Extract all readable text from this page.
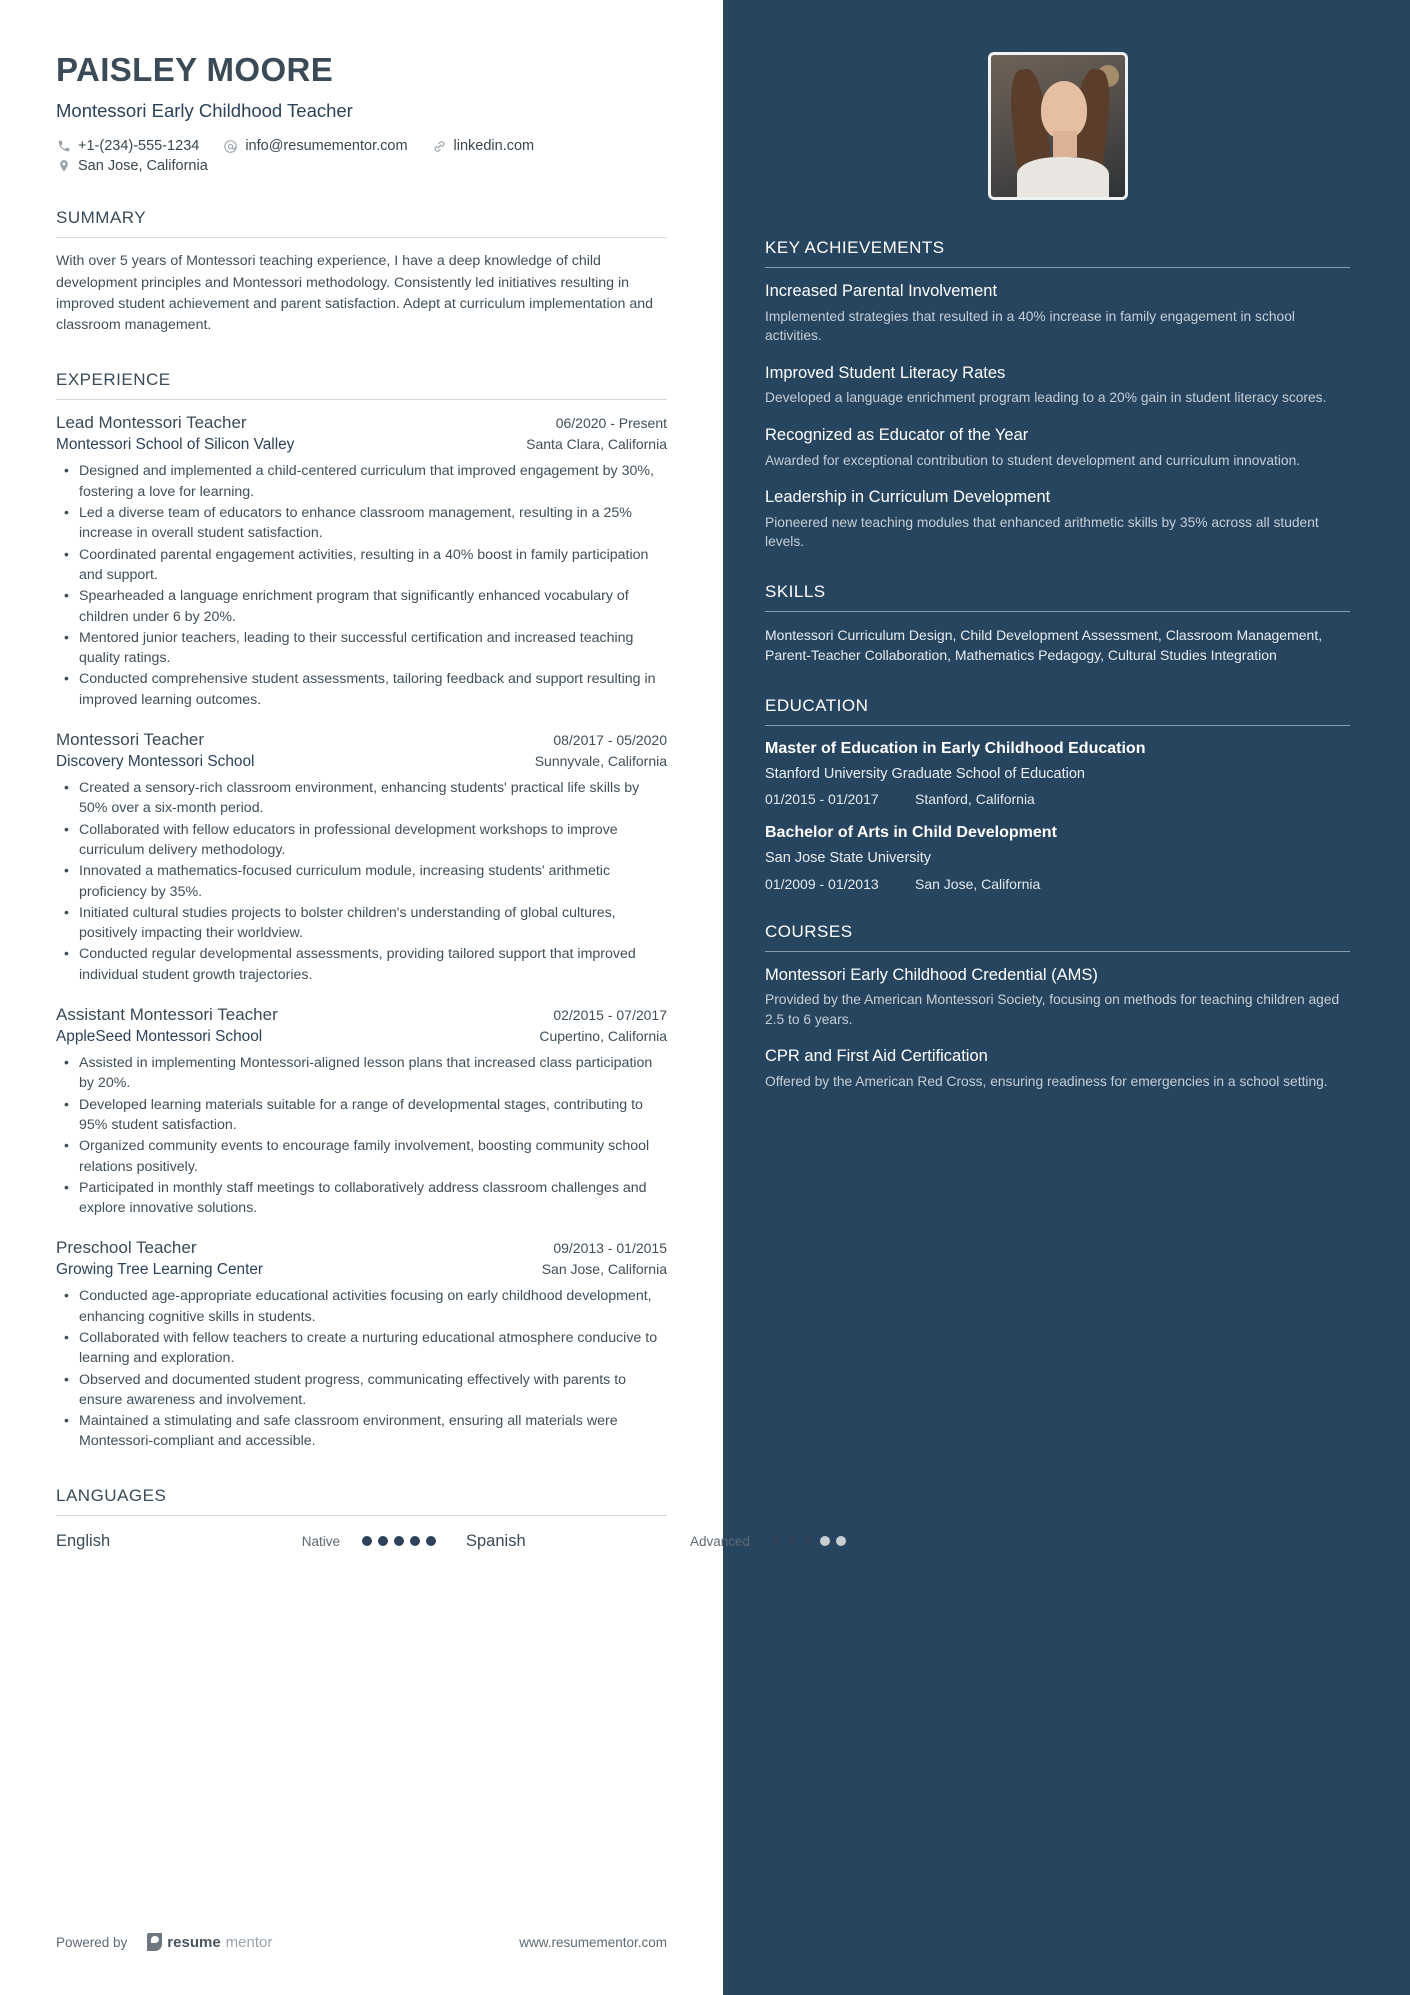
PAISLEY MOORE
Montessori Early Childhood Teacher
+1-(234)-555-1234	info@resumementor.com	linkedin.com
San Jose, California
SUMMARY
With over 5 years of Montessori teaching experience, I have a deep knowledge of child development principles and Montessori methodology. Consistently led initiatives resulting in improved student achievement and parent satisfaction. Adept at curriculum implementation and classroom management.
EXPERIENCE
Lead Montessori Teacher	06/2020 - Present
Montessori School of Silicon Valley	Santa Clara, California
• Designed and implemented a child-centered curriculum that improved engagement by 30%, fostering a love for learning.
• Led a diverse team of educators to enhance classroom management, resulting in a 25% increase in overall student satisfaction.
• Coordinated parental engagement activities, resulting in a 40% boost in family participation and support.
• Spearheaded a language enrichment program that significantly enhanced vocabulary of children under 6 by 20%.
• Mentored junior teachers, leading to their successful certification and increased teaching quality ratings.
• Conducted comprehensive student assessments, tailoring feedback and support resulting in improved learning outcomes.
Montessori Teacher	08/2017 - 05/2020
Discovery Montessori School	Sunnyvale, California
• Created a sensory-rich classroom environment, enhancing students' practical life skills by 50% over a six-month period.
• Collaborated with fellow educators in professional development workshops to improve curriculum delivery methodology.
• Innovated a mathematics-focused curriculum module, increasing students' arithmetic proficiency by 35%.
• Initiated cultural studies projects to bolster children's understanding of global cultures, positively impacting their worldview.
• Conducted regular developmental assessments, providing tailored support that improved individual student growth trajectories.
Assistant Montessori Teacher	02/2015 - 07/2017
AppleSeed Montessori School	Cupertino, California
• Assisted in implementing Montessori-aligned lesson plans that increased class participation by 20%.
• Developed learning materials suitable for a range of developmental stages, contributing to 95% student satisfaction.
• Organized community events to encourage family involvement, boosting community school relations positively.
• Participated in monthly staff meetings to collaboratively address classroom challenges and explore innovative solutions.
Preschool Teacher	09/2013 - 01/2015
Growing Tree Learning Center	San Jose, California
• Conducted age-appropriate educational activities focusing on early childhood development, enhancing cognitive skills in students.
• Collaborated with fellow teachers to create a nurturing educational atmosphere conducive to learning and exploration.
• Observed and documented student progress, communicating effectively with parents to ensure awareness and involvement.
• Maintained a stimulating and safe classroom environment, ensuring all materials were Montessori-compliant and accessible.
LANGUAGES
English	Native	Spanish	Advanced
Powered by	resume mentor	www.resumementor.com
KEY ACHIEVEMENTS
Increased Parental Involvement
Implemented strategies that resulted in a 40% increase in family engagement in school activities.
Improved Student Literacy Rates
Developed a language enrichment program leading to a 20% gain in student literacy scores.
Recognized as Educator of the Year
Awarded for exceptional contribution to student development and curriculum innovation.
Leadership in Curriculum Development
Pioneered new teaching modules that enhanced arithmetic skills by 35% across all student levels.
SKILLS
Montessori Curriculum Design, Child Development Assessment, Classroom Management, Parent-Teacher Collaboration, Mathematics Pedagogy, Cultural Studies Integration
EDUCATION
Master of Education in Early Childhood Education
Stanford University Graduate School of Education
01/2015 - 01/2017	Stanford, California
Bachelor of Arts in Child Development
San Jose State University
01/2009 - 01/2013	San Jose, California
COURSES
Montessori Early Childhood Credential (AMS)
Provided by the American Montessori Society, focusing on methods for teaching children aged 2.5 to 6 years.
CPR and First Aid Certification
Offered by the American Red Cross, ensuring readiness for emergencies in a school setting.
